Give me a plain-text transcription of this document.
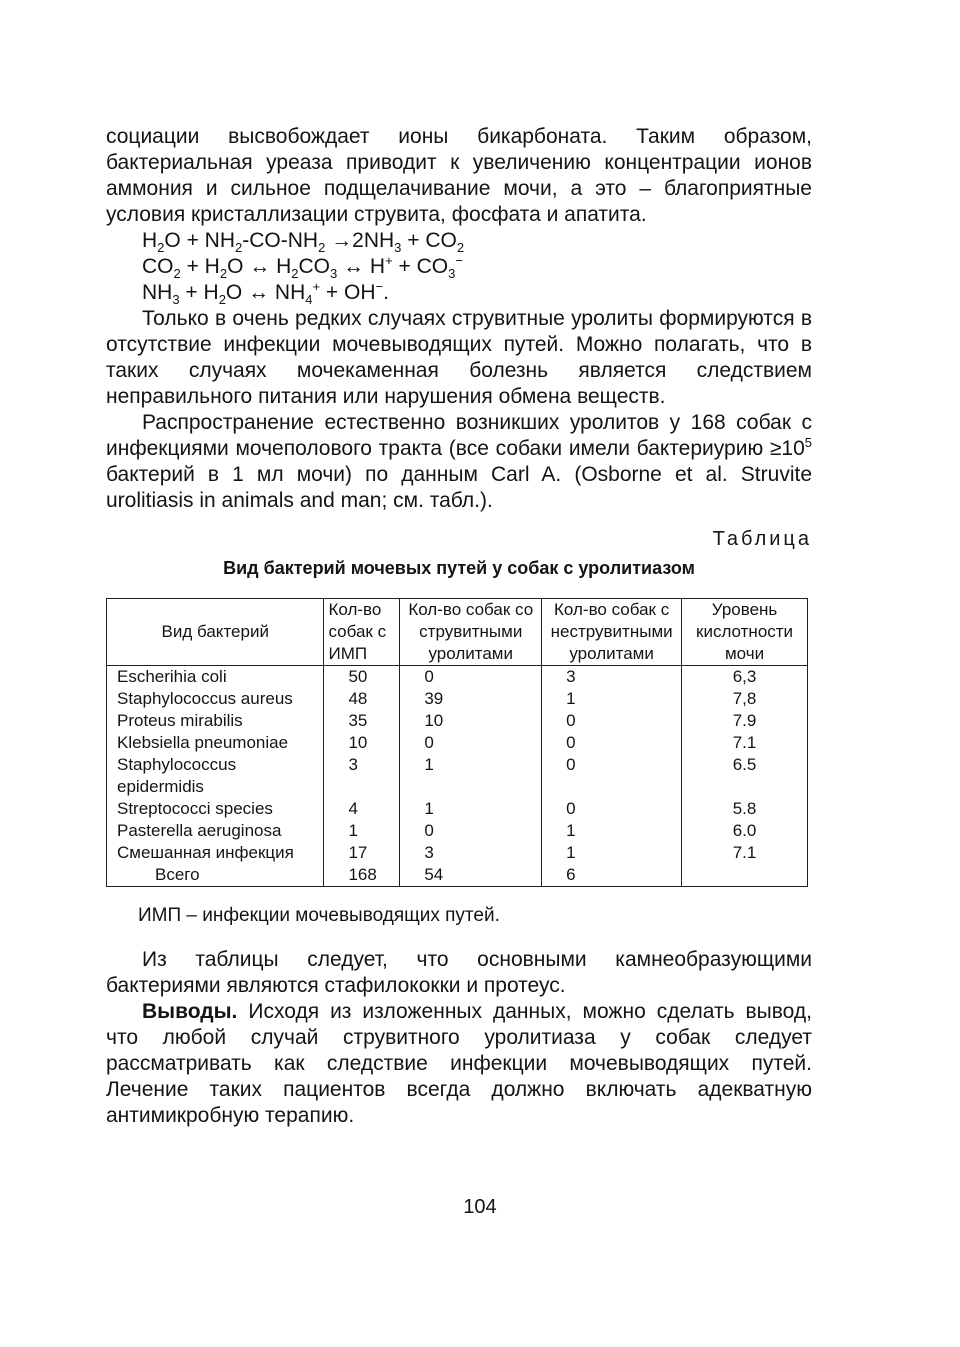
социации высвобождает ионы бикарбоната. Таким образом, бактериальная уреаза приводит к увеличению концентрации ионов аммония и сильное подщелачивание мочи, а это – благоприятные условия кристаллизации струвита, фосфата и апатита.

$H_2O + NH_2-CO-NH_2 \to 2NH_3 + CO_2$
$CO_2 + H_2O$ ↔ $H_2CO_3$ ↔ $H^+ + CO_3^-$
$NH_3 + H_2O$ ↔ $NH_4^+ + OH^-$.

Только в очень редких случаях струвитные уролиты формируются в отсутствие инфекции мочевыводящих путей. Можно полагать, что в таких случаях мочекаменная болезнь является следствием неправильного питания или нарушения обмена веществ.

Распространение естественно возникших уролитов у 168 собак с инфекциями мочеполового тракта (все собаки имели бактериурию $\ge 10^5$ бактерий в 1 мл мочи) по данным Carl A. (Osborne et al. Struvite urolitiasis in animals and man; см. табл.).

Таблица
Вид бактерий мочевых путей у собак с уролитиазом
Вид бактерий	Кол-во собак с ИМП	Кол-во собак со струвитными уролитами	Кол-во собак с неструвитными уролитами	Уровень кислотности мочи
Escherihia coli	50	0	3	6,3
Staphylococcus aureus	48	39	1	7,8
Proteus mirabilis	35	10	0	7.9
Klebsiella pneumoniae	10	0	0	7.1
Staphylococcus epidermidis	3	1	0	6.5
Streptococci species	4	1	0	5.8
Pasterella aeruginosa	1	0	1	6.0
Смешанная инфекция	17	3	1	7.1
Всего	168	54	6	
ИМП – инфекции мочевыводящих путей.

Из таблицы следует, что основными камнеобразующими бактериями являются стафилококки и протеус.

Выводы. Исходя из изложенных данных, можно сделать вывод, что любой случай струвитного уролитиаза у собак следует рассматривать как следствие инфекции мочевыводящих путей. Лечение таких пациентов всегда должно включать адекватную антимикробную терапию.

104
